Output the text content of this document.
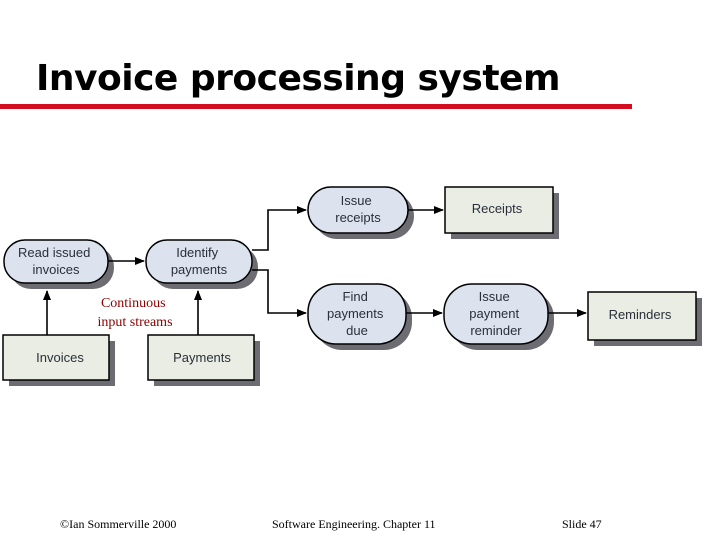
Invoice processing system
Read issued invoices
Identify payments
Issue receipts
Find payments due
Issue payment reminder
Invoices	Payments
Receipts
Reminders
Continuous input streams
©Ian Sommerville 2000	Software Engineering. Chapter 11	Slide 47
